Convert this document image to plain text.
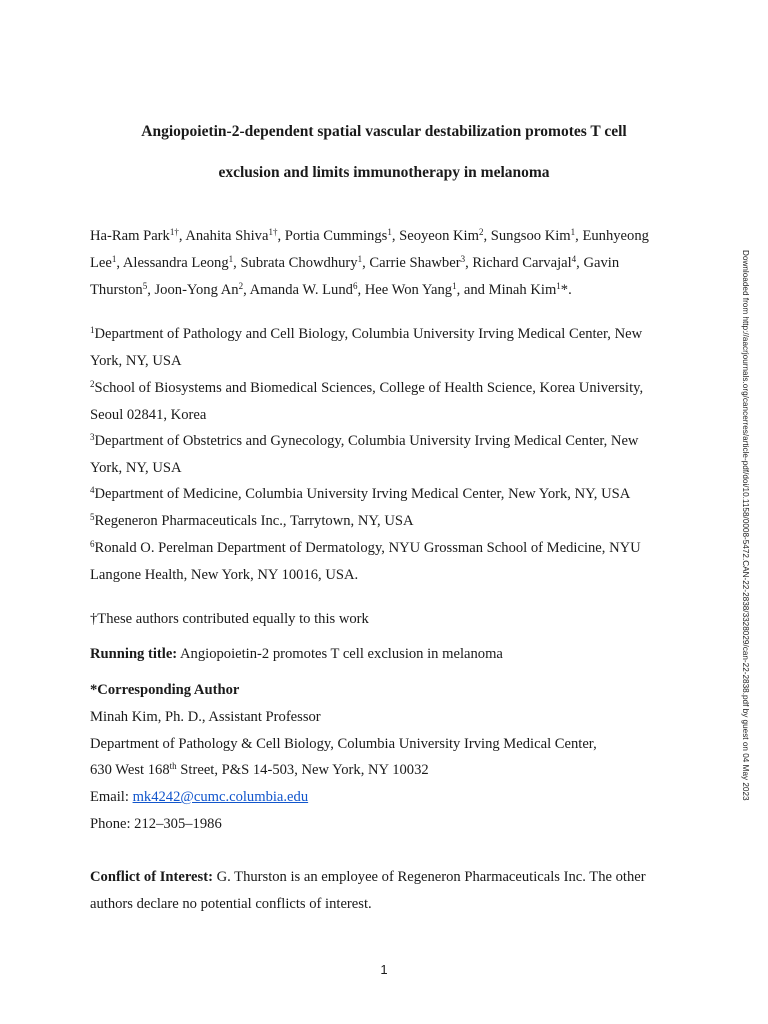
Angiopoietin-2-dependent spatial vascular destabilization promotes T cell
exclusion and limits immunotherapy in melanoma
Ha-Ram Park$^{1\dagger}$, Anahita Shiva$^{1\dagger}$, Portia Cummings$^1$, Seoyeon Kim$^2$, Sungsoo Kim$^1$, Eunhyeong
Lee$^1$, Alessandra Leong$^1$, Subrata Chowdhury$^1$, Carrie Shawber$^3$, Richard Carvajal$^4$, Gavin
Thurston$^5$, Joon-Yong An$^2$, Amanda W. Lund$^6$, Hee Won Yang$^1$, and Minah Kim$^1$*.
$^1$Department of Pathology and Cell Biology, Columbia University Irving Medical Center, New
York, NY, USA
$^2$School of Biosystems and Biomedical Sciences, College of Health Science, Korea University,
Seoul 02841, Korea
$^3$Department of Obstetrics and Gynecology, Columbia University Irving Medical Center, New
York, NY, USA
$^4$Department of Medicine, Columbia University Irving Medical Center, New York, NY, USA
$^5$Regeneron Pharmaceuticals Inc., Tarrytown, NY, USA
$^6$Ronald O. Perelman Department of Dermatology, NYU Grossman School of Medicine, NYU
Langone Health, New York, NY 10016, USA.
†These authors contributed equally to this work
Running title: Angiopoietin-2 promotes T cell exclusion in melanoma
*Corresponding Author
Minah Kim, Ph. D., Assistant Professor
Department of Pathology & Cell Biology, Columbia University Irving Medical Center,
630 West 168th Street, P&S 14-503, New York, NY 10032
Email: mk4242@cumc.columbia.edu
Phone: 212–305–1986
Conflict of Interest: G. Thurston is an employee of Regeneron Pharmaceuticals Inc. The other
authors declare no potential conflicts of interest.
1
Downloaded from http://aacrjournals.org/cancerres/article-pdf/doi/10.1158/0008-5472.CAN-22-2838/3328029/can-22-2838.pdf by guest on 04 May 2023
